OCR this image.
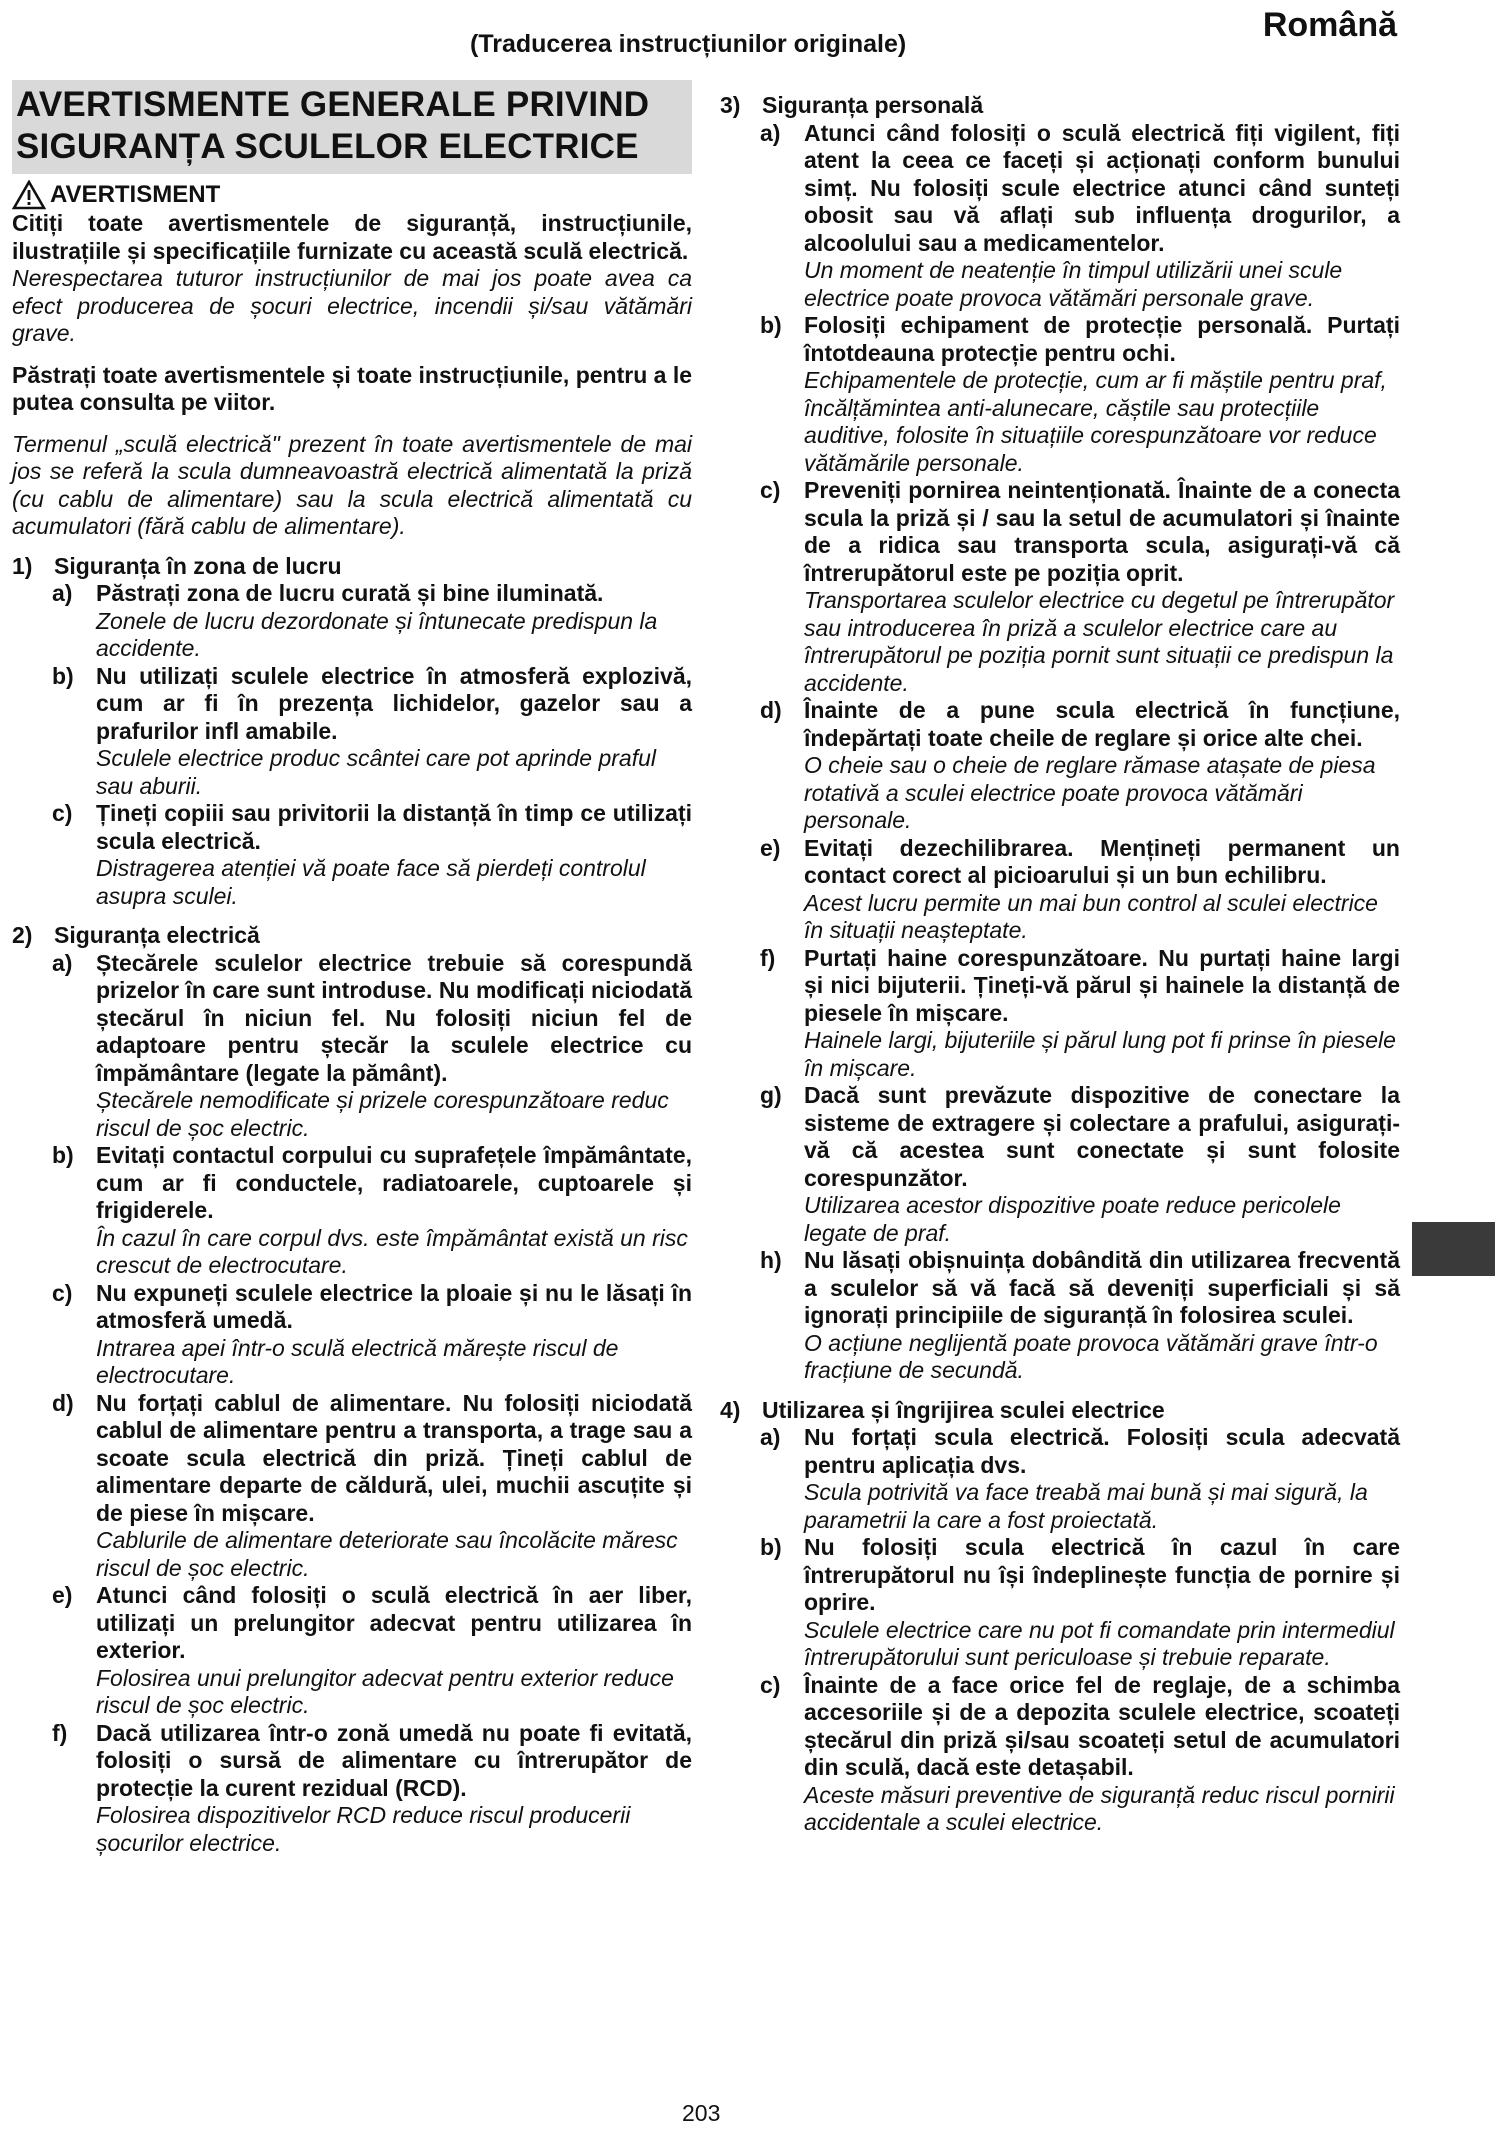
(Traducerea instrucțiunilor originale)	Română
AVERTISMENTE GENERALE PRIVIND
SIGURANȚA SCULELOR ELECTRICE
AVERTISMENT
Citiți toate avertismentele de siguranță, instrucțiunile, ilustrațiile și specificațiile furnizate cu această sculă electrică.
Nerespectarea tuturor instrucțiunilor de mai jos poate avea ca efect producerea de șocuri electrice, incendii și/sau vătămări grave.
Păstrați toate avertismentele și toate instrucțiunile, pentru a le putea consulta pe viitor.
Termenul „sculă electrică" prezent în toate avertismentele de mai jos se referă la scula dumneavoastră electrică alimentată la priză (cu cablu de alimentare) sau la scula electrică alimentată cu acumulatori (fără cablu de alimentare).
1) Siguranța în zona de lucru
a)	Păstrați zona de lucru curată și bine iluminată.
Zonele de lucru dezordonate și întunecate predispun la accidente.
b) Nu utilizați sculele electrice în atmosferă explozivă, cum ar fi în prezența lichidelor, gazelor sau a prafurilor infl amabile.
Sculele electrice produc scântei care pot aprinde praful sau aburii.
c)	Țineți copiii sau privitorii la distanță în timp ce utilizați scula electrică.
Distragerea atenției vă poate face să pierdeți controlul asupra sculei.
2) Siguranța electrică
a)	Ștecărele sculelor electrice trebuie să corespundă prizelor în care sunt introduse. Nu modificați niciodată ștecărul în niciun fel. Nu folosiți niciun fel de adaptoare pentru ștecăr la sculele electrice cu împământare (legate la pământ).
Ștecărele nemodificate și prizele corespunzătoare reduc riscul de șoc electric.
b) Evitați contactul corpului cu suprafețele împământate, cum ar fi conductele, radiatoarele, cuptoarele și frigiderele.
În cazul în care corpul dvs. este împământat există un risc crescut de electrocutare.
c)	Nu expuneți sculele electrice la ploaie și nu le lăsați în atmosferă umedă.
Intrarea apei într-o sculă electrică mărește riscul de electrocutare.
d) Nu forțați cablul de alimentare. Nu folosiți niciodată cablul de alimentare pentru a transporta, a trage sau a scoate scula electrică din priză. Țineți cablul de alimentare departe de căldură, ulei, muchii ascuțite și de piese în mișcare.
Cablurile de alimentare deteriorate sau încolăcite măresc riscul de șoc electric.
e)	Atunci când folosiți o sculă electrică în aer liber, utilizați un prelungitor adecvat pentru utilizarea în exterior.
Folosirea unui prelungitor adecvat pentru exterior reduce riscul de șoc electric.
f)	Dacă utilizarea într-o zonă umedă nu poate fi evitată, folosiți o sursă de alimentare cu întrerupător de protecție la curent rezidual (RCD).
Folosirea dispozitivelor RCD reduce riscul producerii șocurilor electrice.
3) Siguranța personală
a)	Atunci când folosiți o sculă electrică fiți vigilent, fiți atent la ceea ce faceți și acționați conform bunului simț. Nu folosiți scule electrice atunci când sunteți obosit sau vă aflați sub influența drogurilor, a alcoolului sau a medicamentelor.
Un moment de neatenție în timpul utilizării unei scule electrice poate provoca vătămări personale grave.
b) Folosiți echipament de protecție personală. Purtați întotdeauna protecție pentru ochi.
Echipamentele de protecție, cum ar fi măștile pentru praf, încălțămintea anti-alunecare, căștile sau protecțiile auditive, folosite în situațiile corespunzătoare vor reduce vătămările personale.
c)	Preveniți pornirea neintenționată. Înainte de a conecta scula la priză și / sau la setul de acumulatori și înainte de a ridica sau transporta scula, asigurați-vă că întrerupătorul este pe poziția oprit.
Transportarea sculelor electrice cu degetul pe întrerupător sau introducerea în priză a sculelor electrice care au întrerupătorul pe poziția pornit sunt situații ce predispun la accidente.
d) Înainte de a pune scula electrică în funcțiune, îndepărtați toate cheile de reglare și orice alte chei.
O cheie sau o cheie de reglare rămase atașate de piesa rotativă a sculei electrice poate provoca vătămări personale.
e)	Evitați dezechilibrarea. Mențineți permanent un contact corect al picioarului și un bun echilibru.
Acest lucru permite un mai bun control al sculei electrice în situații neașteptate.
f)	Purtați haine corespunzătoare. Nu purtați haine largi și nici bijuterii. Țineți-vă părul și hainele la distanță de piesele în mișcare.
Hainele largi, bijuteriile și părul lung pot fi prinse în piesele în mișcare.
g) Dacă sunt prevăzute dispozitive de conectare la sisteme de extragere și colectare a prafului, asigurați-vă că acestea sunt conectate și sunt folosite corespunzător.
Utilizarea acestor dispozitive poate reduce pericolele legate de praf.
h) Nu lăsați obișnuința dobândită din utilizarea frecventă a sculelor să vă facă să deveniți superficiali și să ignorați principiile de siguranță în folosirea sculei.
O acțiune neglijentă poate provoca vătămări grave într-o fracțiune de secundă.
4) Utilizarea și îngrijirea sculei electrice
a)	Nu forțați scula electrică. Folosiți scula adecvată pentru aplicația dvs.
Scula potrivită va face treabă mai bună și mai sigură, la parametrii la care a fost proiectată.
b) Nu folosiți scula electrică în cazul în care întrerupătorul nu își îndeplinește funcția de pornire și oprire.
Sculele electrice care nu pot fi comandate prin intermediul întrerupătorului sunt periculoase și trebuie reparate.
c)	Înainte de a face orice fel de reglaje, de a schimba accesoriile și de a depozita sculele electrice, scoateți ștecărul din priză și/sau scoateți setul de acumulatori din sculă, dacă este detașabil.
Aceste măsuri preventive de siguranță reduc riscul pornirii accidentale a sculei electrice.
203
